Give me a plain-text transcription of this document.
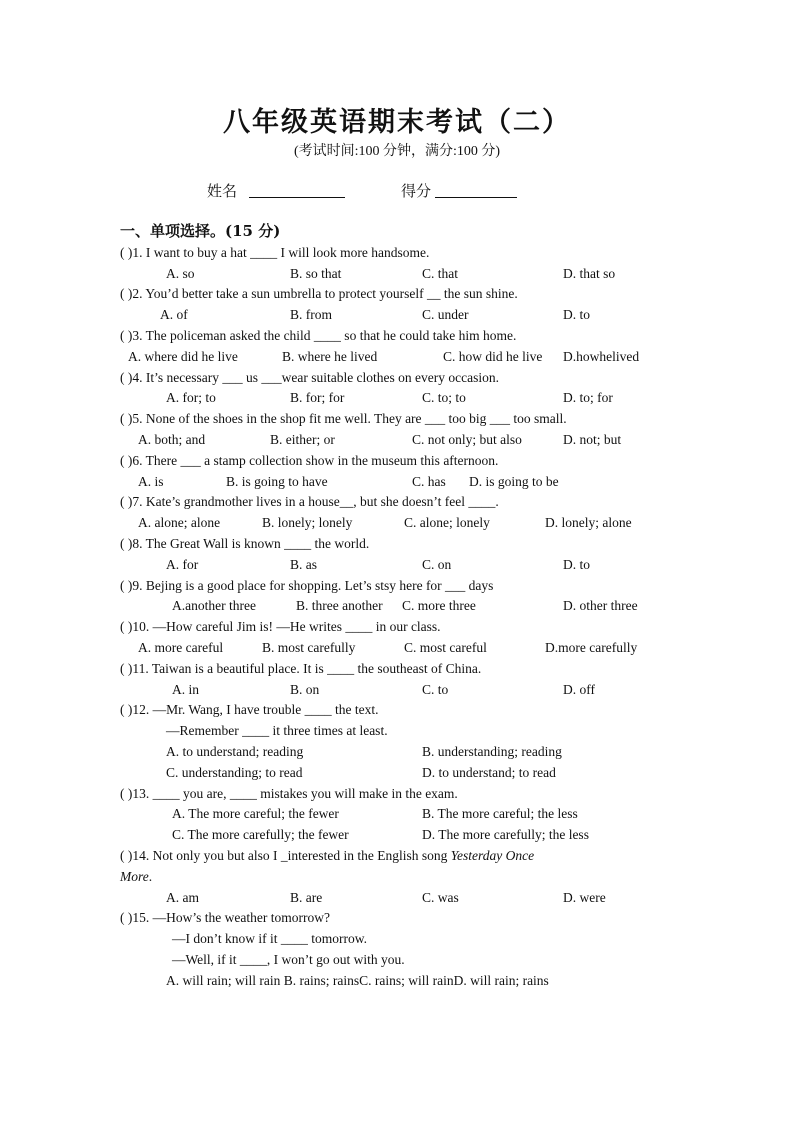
八年级英语期末考试（二）
(考试时间:100 分钟，满分:100 分)
姓名	得分
一、单项选择。(15 分)
( )1. I want to buy a hat ____ I will look more handsome.
A. so	B. so that	C. that	D. that so
( )2. You’d better take a sun umbrella to protect yourself __ the sun shine.
A. of	B. from	C. under	D. to
( )3. The policeman asked the child ____ so that he could take him home.
A. where did he live	B. where he lived	C. how did he live D.howhelived
( )4. It’s necessary ___ us ___wear suitable clothes on every occasion.
A. for; to	B. for; for	C. to; to	D. to; for
( )5. None of the shoes in the shop fit me well. They are ___ too big ___ too small.
A. both; and	B. either; or	C. not only; but also	D. not; but
( )6. There ___ a stamp collection show in the museum this afternoon.
A. is	B. is going to have	C. has D. is going to be
( )7. Kate’s grandmother lives in a house__, but she doesn’t feel ____.
A. alone; alone	B. lonely; lonely	C. alone; lonely	D. lonely; alone
( )8. The Great Wall is known ____ the world.
A. for	B. as	C. on	D. to
( )9. Bejing is a good place for shopping. Let’s stsy here for ___ days
A.another three	B. three another C. more three	D. other three
( )10. —How careful Jim is! —He writes ____ in our class.
A. more careful	B. most carefully	C. most careful	D.more carefully
( )11. Taiwan is a beautiful place. It is ____ the southeast of China.
A. in	B. on	C. to	D. off
( )12. —Mr. Wang, I have trouble ____ the text.
—Remember ____ it three times at least.
A. to understand; reading	B. understanding; reading
C. understanding; to read	D. to understand; to read
( )13. ____ you are, ____ mistakes you will make in the exam.
A. The more careful; the fewer	B. The more careful; the less
C. The more carefully; the fewer	D. The more carefully; the less
( )14. Not only you but also I _interested in the English song Yesterday Once
More.
A. am	B. are	C. was	D. were
( )15. —How’s the weather tomorrow?
—I don’t know if it ____ tomorrow.
—Well, if it ____, I won’t go out with you.
A. will rain; will rain B. rains; rainsC. rains; will rainD. will rain; rains
